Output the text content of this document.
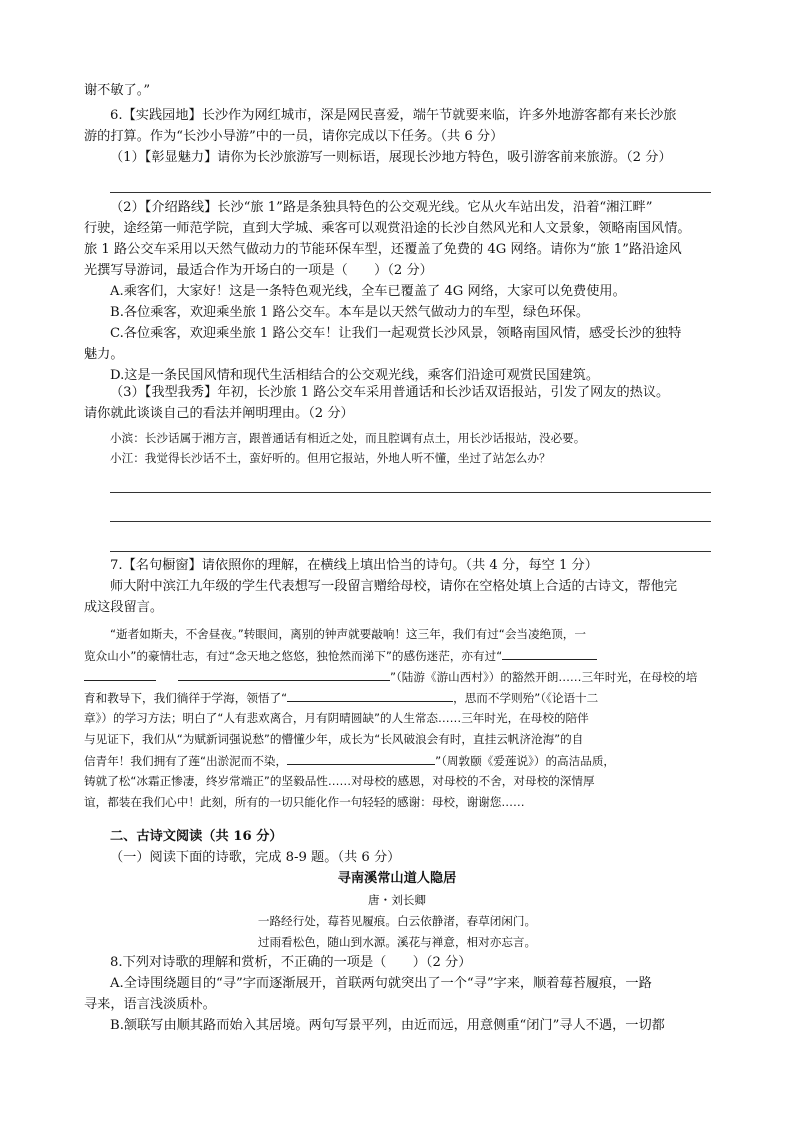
谢不敏了。”
6.【实践园地】长沙作为网红城市，深是网民喜爱，端午节就要来临，许多外地游客都有来长沙旅
游的打算。作为“长沙小导游”中的一员，请你完成以下任务。（共 6 分）
（1）【彰显魅力】请你为长沙旅游写一则标语，展现长沙地方特色，吸引游客前来旅游。（2 分）
（2）【介绍路线】长沙“旅 1”路是条独具特色的公交观光线。它从火车站出发，沿着“湘江畔”
行驶，途经第一师范学院，直到大学城、乘客可以观赏沿途的长沙自然风光和人文景象，领略南国风情。
旅 1 路公交车采用以天然气做动力的节能环保车型，还覆盖了免费的 4G 网络。请你为“旅 1”路沿途风
光撰写导游词，最适合作为开场白的一项是（　　）（2 分）
A.乘客们，大家好！这是一条特色观光线，全车已覆盖了 4G 网络，大家可以免费使用。
B.各位乘客，欢迎乘坐旅 1 路公交车。本车是以天然气做动力的车型，绿色环保。
C.各位乘客，欢迎乘坐旅 1 路公交车！让我们一起观赏长沙风景，领略南国风情，感受长沙的独特
魅力。
D.这是一条民国风情和现代生活相结合的公交观光线，乘客们沿途可观赏民国建筑。
（3）【我型我秀】年初，长沙旅 1 路公交车采用普通话和长沙话双语报站，引发了网友的热议。
请你就此谈谈自己的看法并阐明理由。（2 分）
小滨：长沙话属于湘方言，跟普通话有相近之处，而且腔调有点土，用长沙话报站，没必要。
小江：我觉得长沙话不土，蛮好听的。但用它报站，外地人听不懂，坐过了站怎么办？
7.【名句橱窗】请依照你的理解，在横线上填出恰当的诗句。（共 4 分，每空 1 分）
师大附中滨江九年级的学生代表想写一段留言赠给母校，请你在空格处填上合适的古诗文，帮他完
成这段留言。
“逝者如斯夫，不舍昼夜。”转眼间，离别的钟声就要敲响！这三年，我们有过“会当凌绝顶，一
览众山小”的豪情壮志，有过“念天地之悠悠，独怆然而涕下”的感伤迷茫，亦有过“
”（陆游《游山西村》）的豁然开朗……三年时光，在母校的培
育和教导下，我们徜徉于学海，领悟了“	，思而不学则殆”（《论语十二
章》）的学习方法；明白了“人有悲欢离合，月有阴晴圆缺”的人生常态……三年时光，在母校的陪伴
与见证下，我们从“为赋新词强说愁”的懵懂少年，成长为“长风破浪会有时，直挂云帆济沧海”的自
信青年！我们拥有了莲“出淤泥而不染，	”（周敦颐《爱莲说》）的高洁品质，
铸就了松“冰霜正惨凄，终岁常端正”的坚毅品性……对母校的感恩，对母校的不舍，对母校的深情厚
谊，都装在我们心中！此刻，所有的一切只能化作一句轻轻的感谢：母校，谢谢您……
二、古诗文阅读（共 16 分）
（一）阅读下面的诗歌，完成 8-9 题。（共 6 分）
寻南溪常山道人隐居
唐・刘长卿
一路经行处，莓苔见履痕。白云依静渚，春草闭闲门。
过雨看松色，随山到水源。溪花与禅意，相对亦忘言。
8.下列对诗歌的理解和赏析，不正确的一项是（　　）（2 分）
A.全诗围绕题目的“寻”字而逐渐展开，首联两句就突出了一个“寻”字来，顺着莓苔履痕，一路
寻来，语言浅淡质朴。
B.颔联写由顺其路而始入其居境。两句写景平列，由近而远，用意侧重“闭门”寻人不遇，一切都
